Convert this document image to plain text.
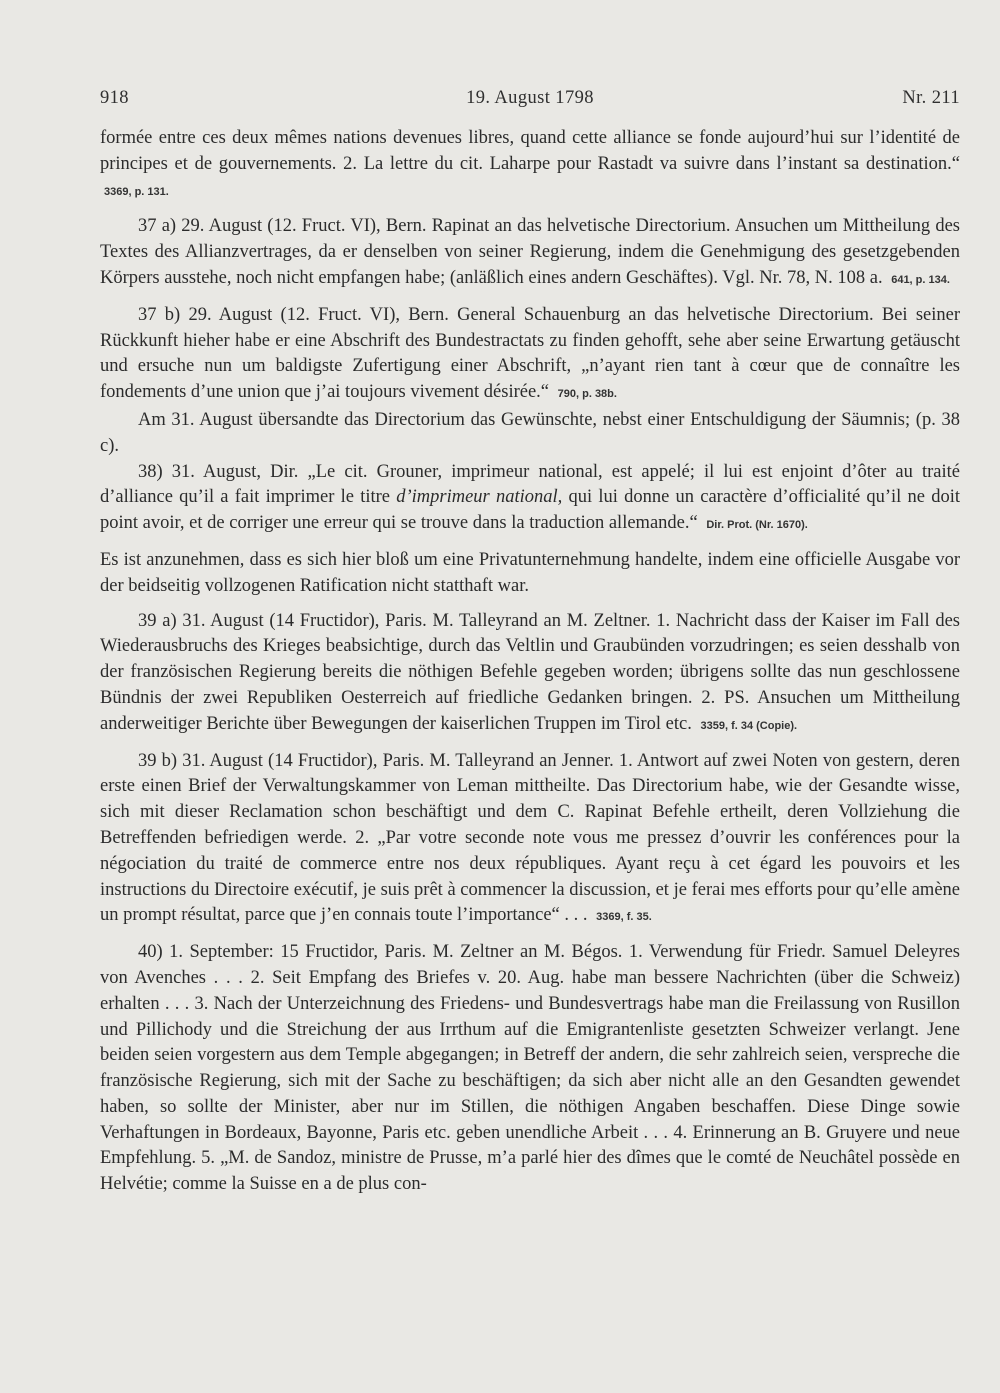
918	19. August 1798	Nr. 211

formée entre ces deux mêmes nations devenues libres, quand cette alliance se fonde aujourd’hui sur l’identité de principes et de gouvernements. 2. La lettre du cit. Laharpe pour Rastadt va suivre dans l’instant sa destination.“ 3369, p. 131.

37 a) 29. August (12. Fruct. VI), Bern. Rapinat an das helvetische Directorium. Ansuchen um Mittheilung des Textes des Allianzvertrages, da er denselben von seiner Regierung, indem die Genehmigung des gesetzgebenden Körpers ausstehe, noch nicht empfangen habe; (anläßlich eines andern Geschäftes). Vgl. Nr. 78, N. 108 a. 641, p. 134.

37 b) 29. August (12. Fruct. VI), Bern. General Schauenburg an das helvetische Directorium. Bei seiner Rückkunft hieher habe er eine Abschrift des Bundestractats zu finden gehofft, sehe aber seine Erwartung getäuscht und ersuche nun um baldigste Zufertigung einer Abschrift, „n’ayant rien tant à cœur que de connaître les fondements d’une union que j’ai toujours vivement désirée.“ 790, p. 38b.

Am 31. August übersandte das Directorium das Gewünschte, nebst einer Entschuldigung der Säumnis; (p. 38 c).

38) 31. August, Dir. „Le cit. Grouner, imprimeur national, est appelé; il lui est enjoint d’ôter au traité d’alliance qu’il a fait imprimer le titre d’imprimeur national, qui lui donne un caractère d’officialité qu’il ne doit point avoir, et de corriger une erreur qui se trouve dans la traduction allemande.“ Dir. Prot. (Nr. 1670).

Es ist anzunehmen, dass es sich hier bloß um eine Privatunternehmung handelte, indem eine officielle Ausgabe vor der beidseitig vollzogenen Ratification nicht statthaft war.

39 a) 31. August (14 Fructidor), Paris. M. Talleyrand an M. Zeltner. 1. Nachricht dass der Kaiser im Fall des Wiederausbruchs des Krieges beabsichtige, durch das Veltlin und Graubünden vorzudringen; es seien desshalb von der französischen Regierung bereits die nöthigen Befehle gegeben worden; übrigens sollte das nun geschlossene Bündnis der zwei Republiken Oesterreich auf friedliche Gedanken bringen. 2. PS. Ansuchen um Mittheilung anderweitiger Berichte über Bewegungen der kaiserlichen Truppen im Tirol etc. 3359, f. 34 (Copie).

39 b) 31. August (14 Fructidor), Paris. M. Talleyrand an Jenner. 1. Antwort auf zwei Noten von gestern, deren erste einen Brief der Verwaltungskammer von Leman mittheilte. Das Directorium habe, wie der Gesandte wisse, sich mit dieser Reclamation schon beschäftigt und dem C. Rapinat Befehle ertheilt, deren Vollziehung die Betreffenden befriedigen werde. 2. „Par votre seconde note vous me pressez d’ouvrir les conférences pour la négociation du traité de commerce entre nos deux républiques. Ayant reçu à cet égard les pouvoirs et les instructions du Directoire exécutif, je suis prêt à commencer la discussion, et je ferai mes efforts pour qu’elle amène un prompt résultat, parce que j’en connais toute l’importance“ . . . 3369, f. 35.

40) 1. September: 15 Fructidor, Paris. M. Zeltner an M. Bégos. 1. Verwendung für Friedr. Samuel Deleyres von Avenches . . . 2. Seit Empfang des Briefes v. 20. Aug. habe man bessere Nachrichten (über die Schweiz) erhalten . . . 3. Nach der Unterzeichnung des Friedens- und Bundesvertrags habe man die Freilassung von Rusillon und Pillichody und die Streichung der aus Irrthum auf die Emigrantenliste gesetzten Schweizer verlangt. Jene beiden seien vorgestern aus dem Temple abgegangen; in Betreff der andern, die sehr zahlreich seien, verspreche die französische Regierung, sich mit der Sache zu beschäftigen; da sich aber nicht alle an den Gesandten gewendet haben, so sollte der Minister, aber nur im Stillen, die nöthigen Angaben beschaffen. Diese Dinge sowie Verhaftungen in Bordeaux, Bayonne, Paris etc. geben unendliche Arbeit . . . 4. Erinnerung an B. Gruyere und neue Empfehlung. 5. „M. de Sandoz, ministre de Prusse, m’a parlé hier des dîmes que le comté de Neuchâtel possède en Helvétie; comme la Suisse en a de plus con-
